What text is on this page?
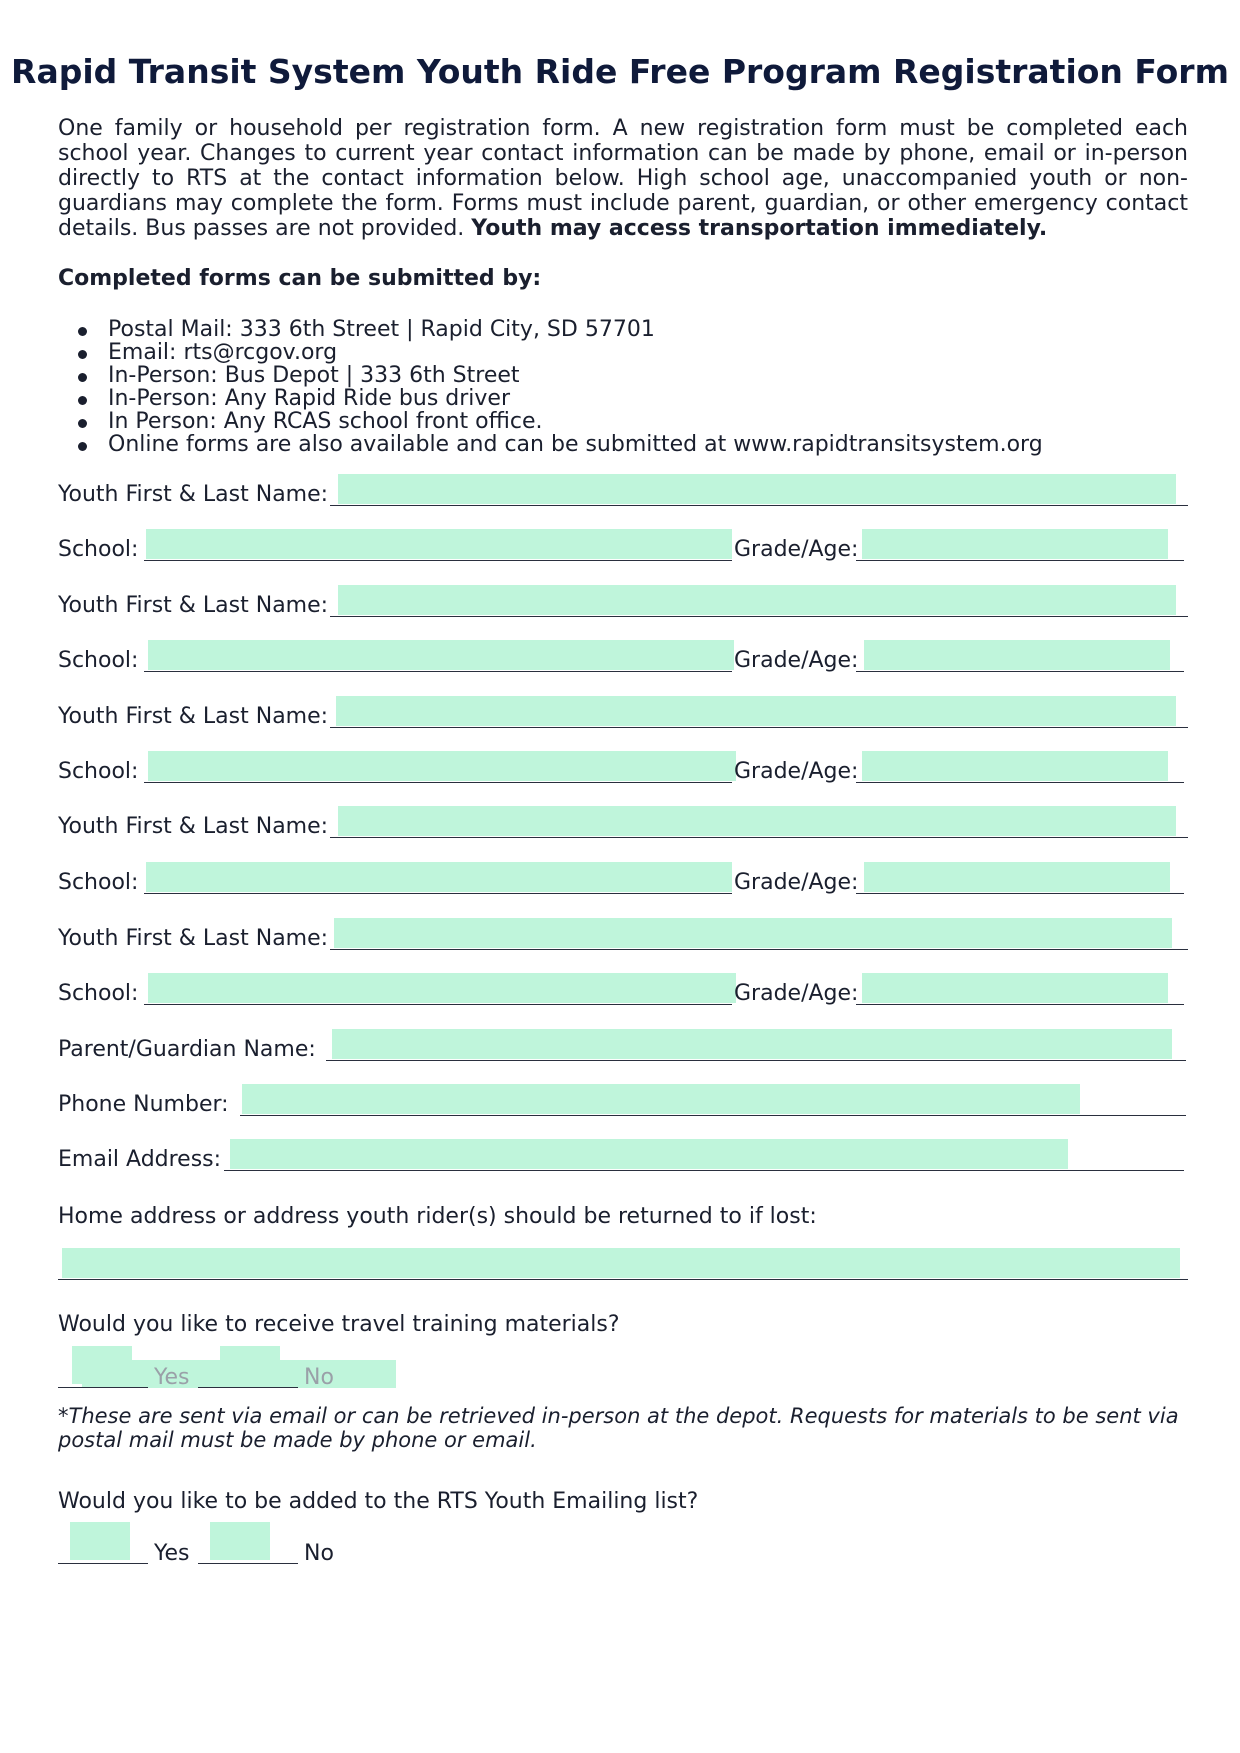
Rapid Transit System Youth Ride Free Program Registration Form

One family or household per registration form. A new registration form must be completed each school year. Changes to current year contact information can be made by phone, email or in-person directly to RTS at the contact information below. High school age, unaccompanied youth or non-guardians may complete the form. Forms must include parent, guardian, or other emergency contact details. Bus passes are not provided. Youth may access transportation immediately.

Completed forms can be submitted by:

Postal Mail: 333 6th Street | Rapid City, SD 57701
Email: rts@rcgov.org
In-Person: Bus Depot | 333 6th Street
In-Person: Any Rapid Ride bus driver
In Person: Any RCAS school front office.
Online forms are also available and can be submitted at www.rapidtransitsystem.org
Youth First & Last Name:
School:	Grade/Age:
Youth First & Last Name:
School:	Grade/Age:
Youth First & Last Name:
School:	Grade/Age:
Youth First & Last Name:
School:	Grade/Age:
Youth First & Last Name:
School:	Grade/Age:
Parent/Guardian Name:
Phone Number:
Email Address:

Home address or address youth rider(s) should be returned to if lost:

Would you like to receive travel training materials?

Yes	No

*These are sent via email or can be retrieved in-person at the depot. Requests for materials to be sent via postal mail must be made by phone or email.

Would you like to be added to the RTS Youth Emailing list?

Yes	No
